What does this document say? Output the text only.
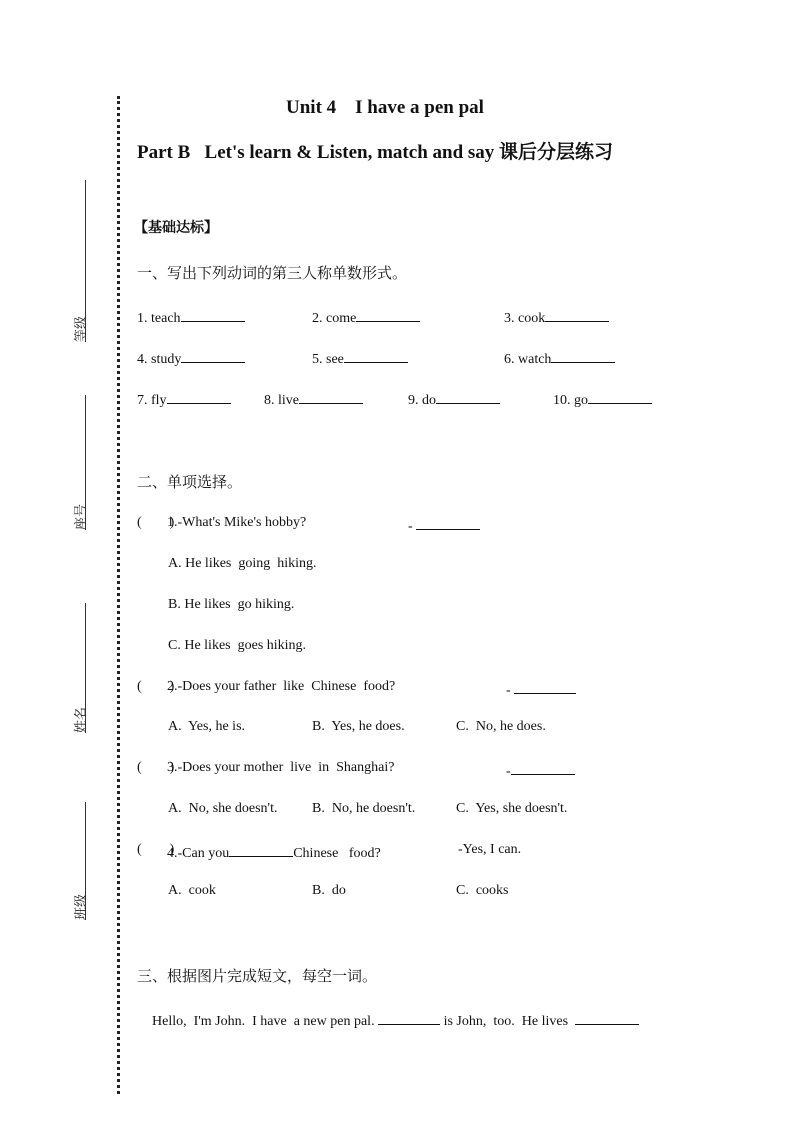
等级
座号
姓名
班级
Unit 4    I have a pen pal
Part B   Let's learn & Listen, match and say 课后分层练习
【基础达标】
一、写出下列动词的第三人称单数形式。
1. teach	2. come	3. cook
4. study	5. see	6. watch
7. fly	8. live	9. do	10. go
二、单项选择。
(        )
1.-What's Mike's hobby?	-
A. He likes  going  hiking.
B. He likes  go hiking.
C. He likes  goes hiking.
(        )
2.-Does your father  like  Chinese  food?	-
A.  Yes, he is.	B.  Yes, he does.	C.  No, he does.
(        )
3.-Does your mother  live  in  Shanghai?	-
A.  No, she doesn't. B.  No, he doesn't.	C.  Yes, she doesn't.
(        )
4.-Can you	Chinese   food?	-Yes, I can.
A.  cook	B.  do	C.  cooks
三、根据图片完成短文，每空一词。
Hello,  I'm John.  I have  a new pen pal.	is John,  too.  He lives
